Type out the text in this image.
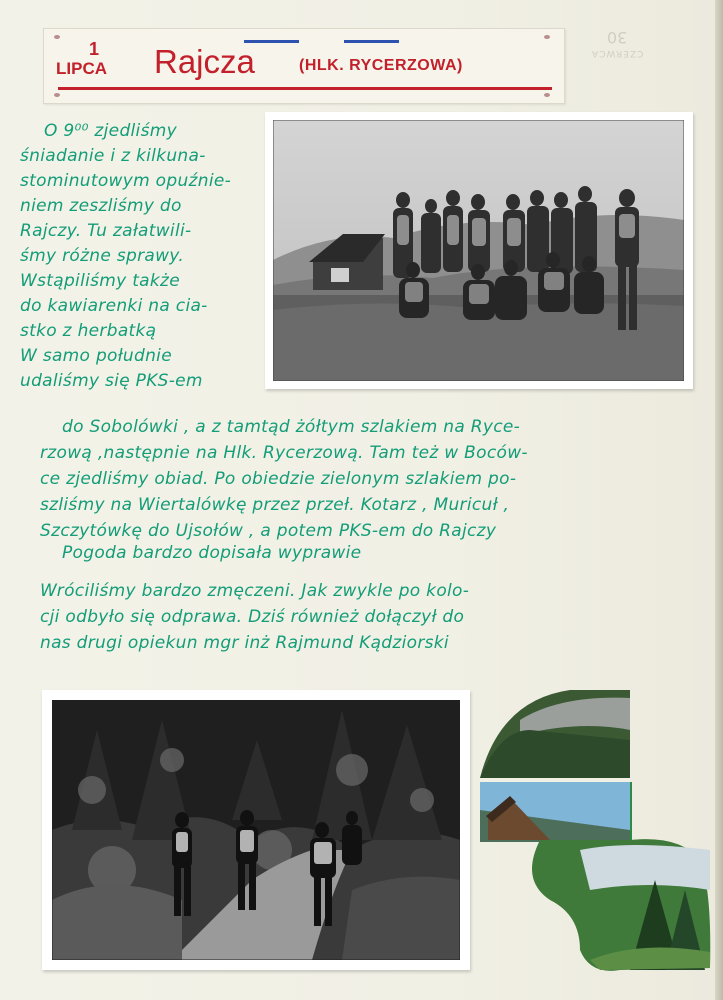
30
CZERWCA
1
LIPCA Rajcza	(HLK. RYCERZOWA)
O 9⁰⁰ zjedliśmy
śniadanie i z kilkuna-
stominutowym opuźnie-
niem zeszliśmy do
Rajczy. Tu załatwili-
śmy różne sprawy.
Wstąpiliśmy także
do kawiarenki na cia-
stko z herbatką
W samo południe
udaliśmy się PKS-em
do Sobolówki , a z tamtąd żółtym szlakiem na Ryce-
rzową ,następnie na Hlk. Rycerzową. Tam też w Boców-
ce zjedliśmy obiad. Po obiedzie zielonym szlakiem po-
szliśmy na Wiertalówkę przez przeł. Kotarz , Muricuł ,
Szczytówkę do Ujsołów , a potem PKS-em do Rajczy
Pogoda bardzo dopisała wyprawie
Wróciliśmy bardzo zmęczeni. Jak zwykle po kolo-
cji odbyło się odprawa. Dziś również dołączył do
nas drugi opiekun mgr inż Rajmund Kądziorski
